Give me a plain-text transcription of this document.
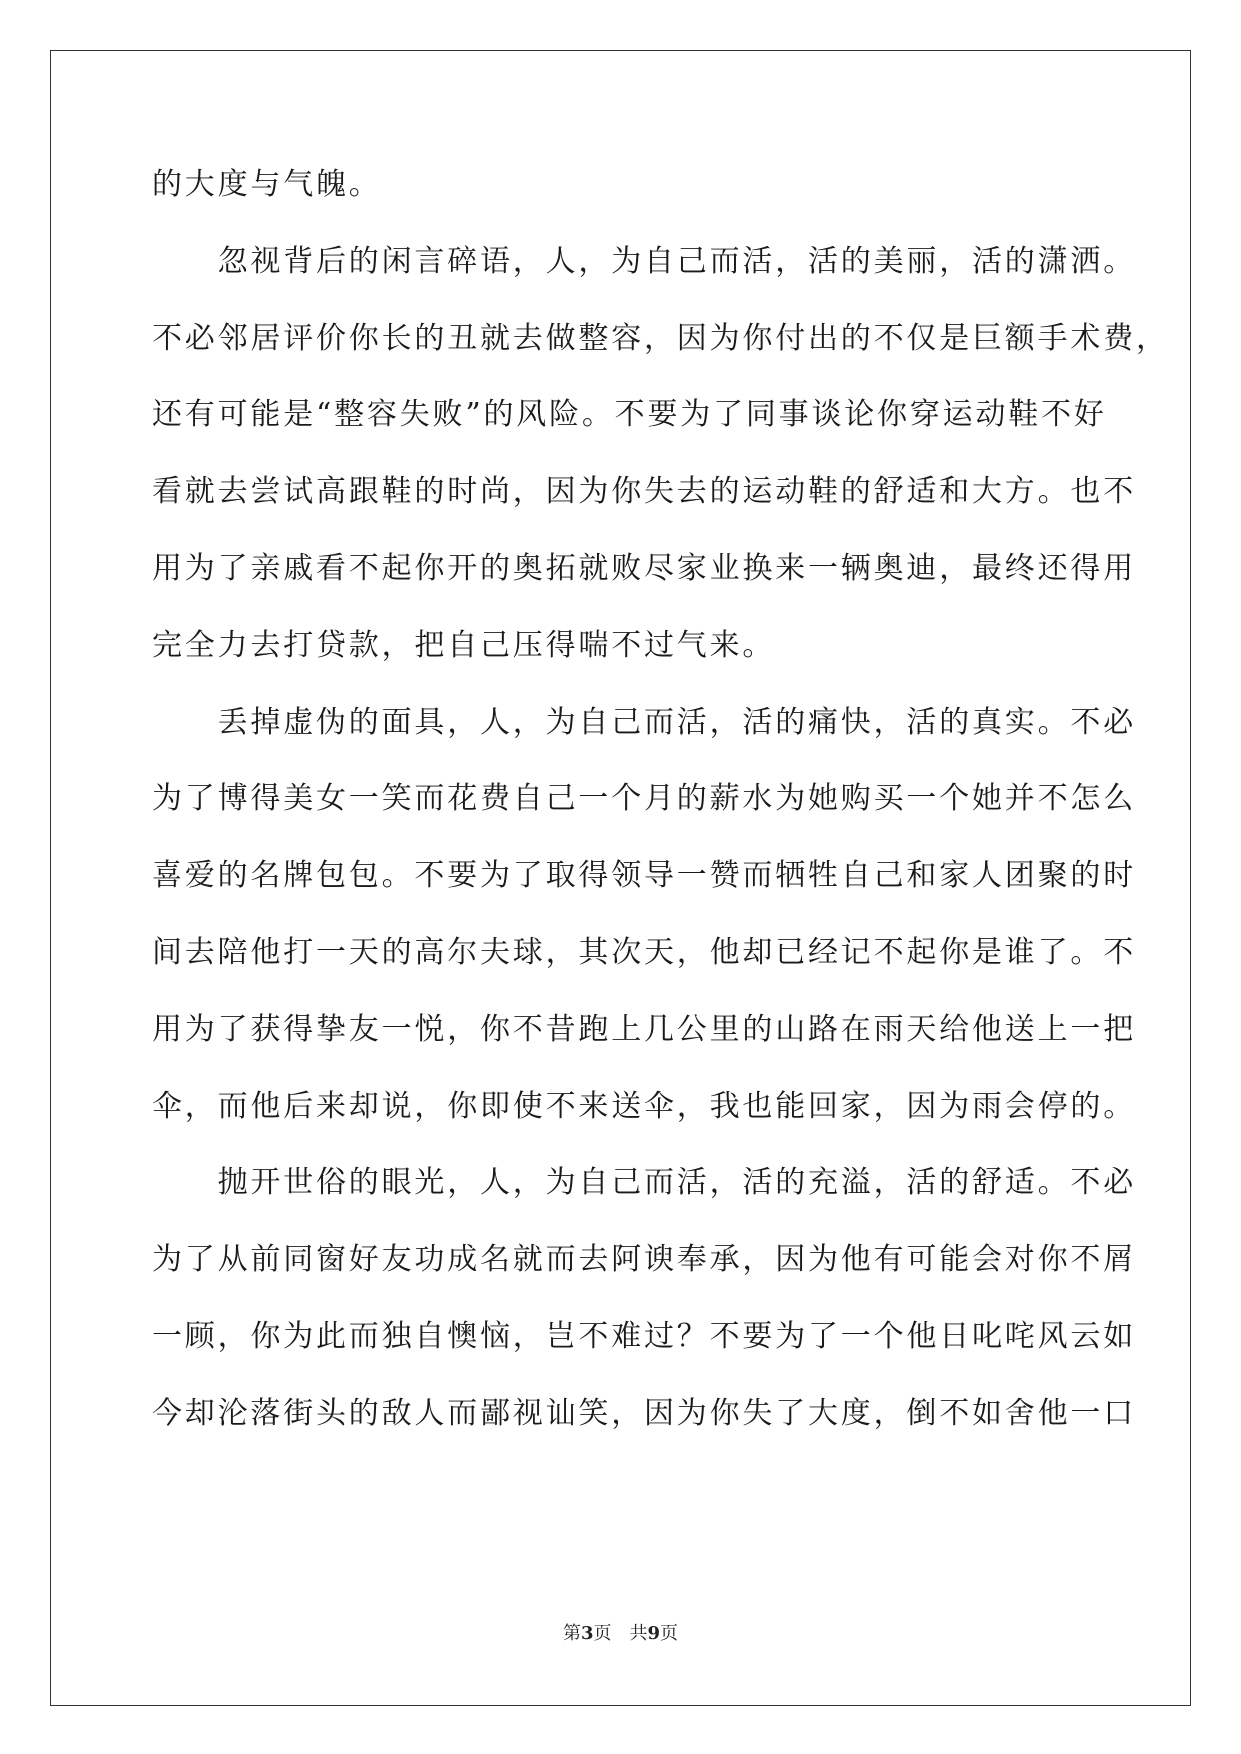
的大度与气魄。
　　忽视背后的闲言碎语，人，为自己而活，活的美丽，活的潇洒。
不必邻居评价你长的丑就去做整容，因为你付出的不仅是巨额手术费，
还有可能是“整容失败”的风险。不要为了同事谈论你穿运动鞋不好
看就去尝试高跟鞋的时尚，因为你失去的运动鞋的舒适和大方。也不
用为了亲戚看不起你开的奥拓就败尽家业换来一辆奥迪，最终还得用
完全力去打贷款，把自己压得喘不过气来。
　　丢掉虚伪的面具，人，为自己而活，活的痛快，活的真实。不必
为了博得美女一笑而花费自己一个月的薪水为她购买一个她并不怎么
喜爱的名牌包包。不要为了取得领导一赞而牺牲自己和家人团聚的时
间去陪他打一天的高尔夫球，其次天，他却已经记不起你是谁了。不
用为了获得挚友一悦，你不昔跑上几公里的山路在雨天给他送上一把
伞，而他后来却说，你即使不来送伞，我也能回家，因为雨会停的。
　　抛开世俗的眼光，人，为自己而活，活的充溢，活的舒适。不必
为了从前同窗好友功成名就而去阿谀奉承，因为他有可能会对你不屑
一顾，你为此而独自懊恼，岂不难过？不要为了一个他日叱咤风云如
今却沦落街头的敌人而鄙视讪笑，因为你失了大度，倒不如舍他一口
第3页　共9页
